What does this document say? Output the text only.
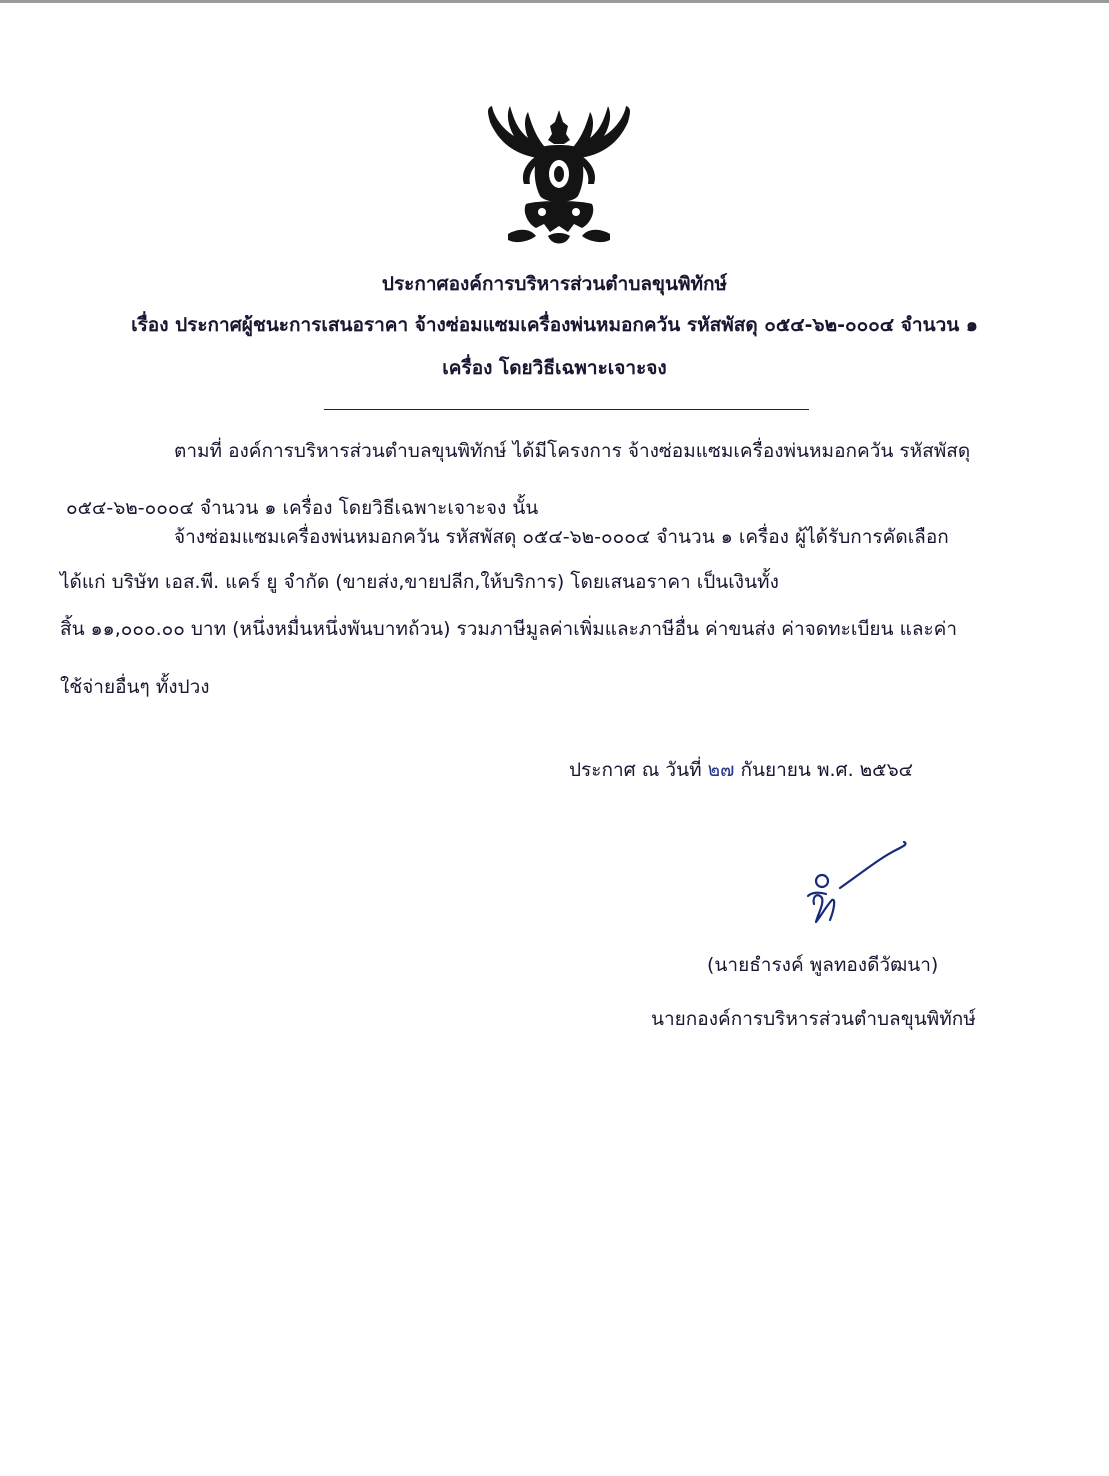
ประกาศองค์การบริหารส่วนตำบลขุนพิทักษ์
เรื่อง ประกาศผู้ชนะการเสนอราคา จ้างซ่อมแซมเครื่องพ่นหมอกควัน รหัสพัสดุ ๐๕๔-๖๒-๐๐๐๔ จำนวน ๑
เครื่อง โดยวิธีเฉพาะเจาะจง
ตามที่ องค์การบริหารส่วนตำบลขุนพิทักษ์ ได้มีโครงการ จ้างซ่อมแซมเครื่องพ่นหมอกควัน รหัสพัสดุ
๐๕๔-๖๒-๐๐๐๔ จำนวน ๑ เครื่อง โดยวิธีเฉพาะเจาะจง นั้น
จ้างซ่อมแซมเครื่องพ่นหมอกควัน รหัสพัสดุ ๐๕๔-๖๒-๐๐๐๔ จำนวน ๑ เครื่อง ผู้ได้รับการคัดเลือก
ได้แก่ บริษัท เอส.พี. แคร์ ยู จำกัด (ขายส่ง,ขายปลีก,ให้บริการ) โดยเสนอราคา เป็นเงินทั้ง
สิ้น ๑๑,๐๐๐.๐๐ บาท (หนึ่งหมื่นหนึ่งพันบาทถ้วน) รวมภาษีมูลค่าเพิ่มและภาษีอื่น ค่าขนส่ง ค่าจดทะเบียน และค่า
ใช้จ่ายอื่นๆ ทั้งปวง
ประกาศ ณ วันที่ ๒๗ กันยายน พ.ศ. ๒๕๖๔
(นายธำรงค์ พูลทองดีวัฒนา)
นายกองค์การบริหารส่วนตำบลขุนพิทักษ์
